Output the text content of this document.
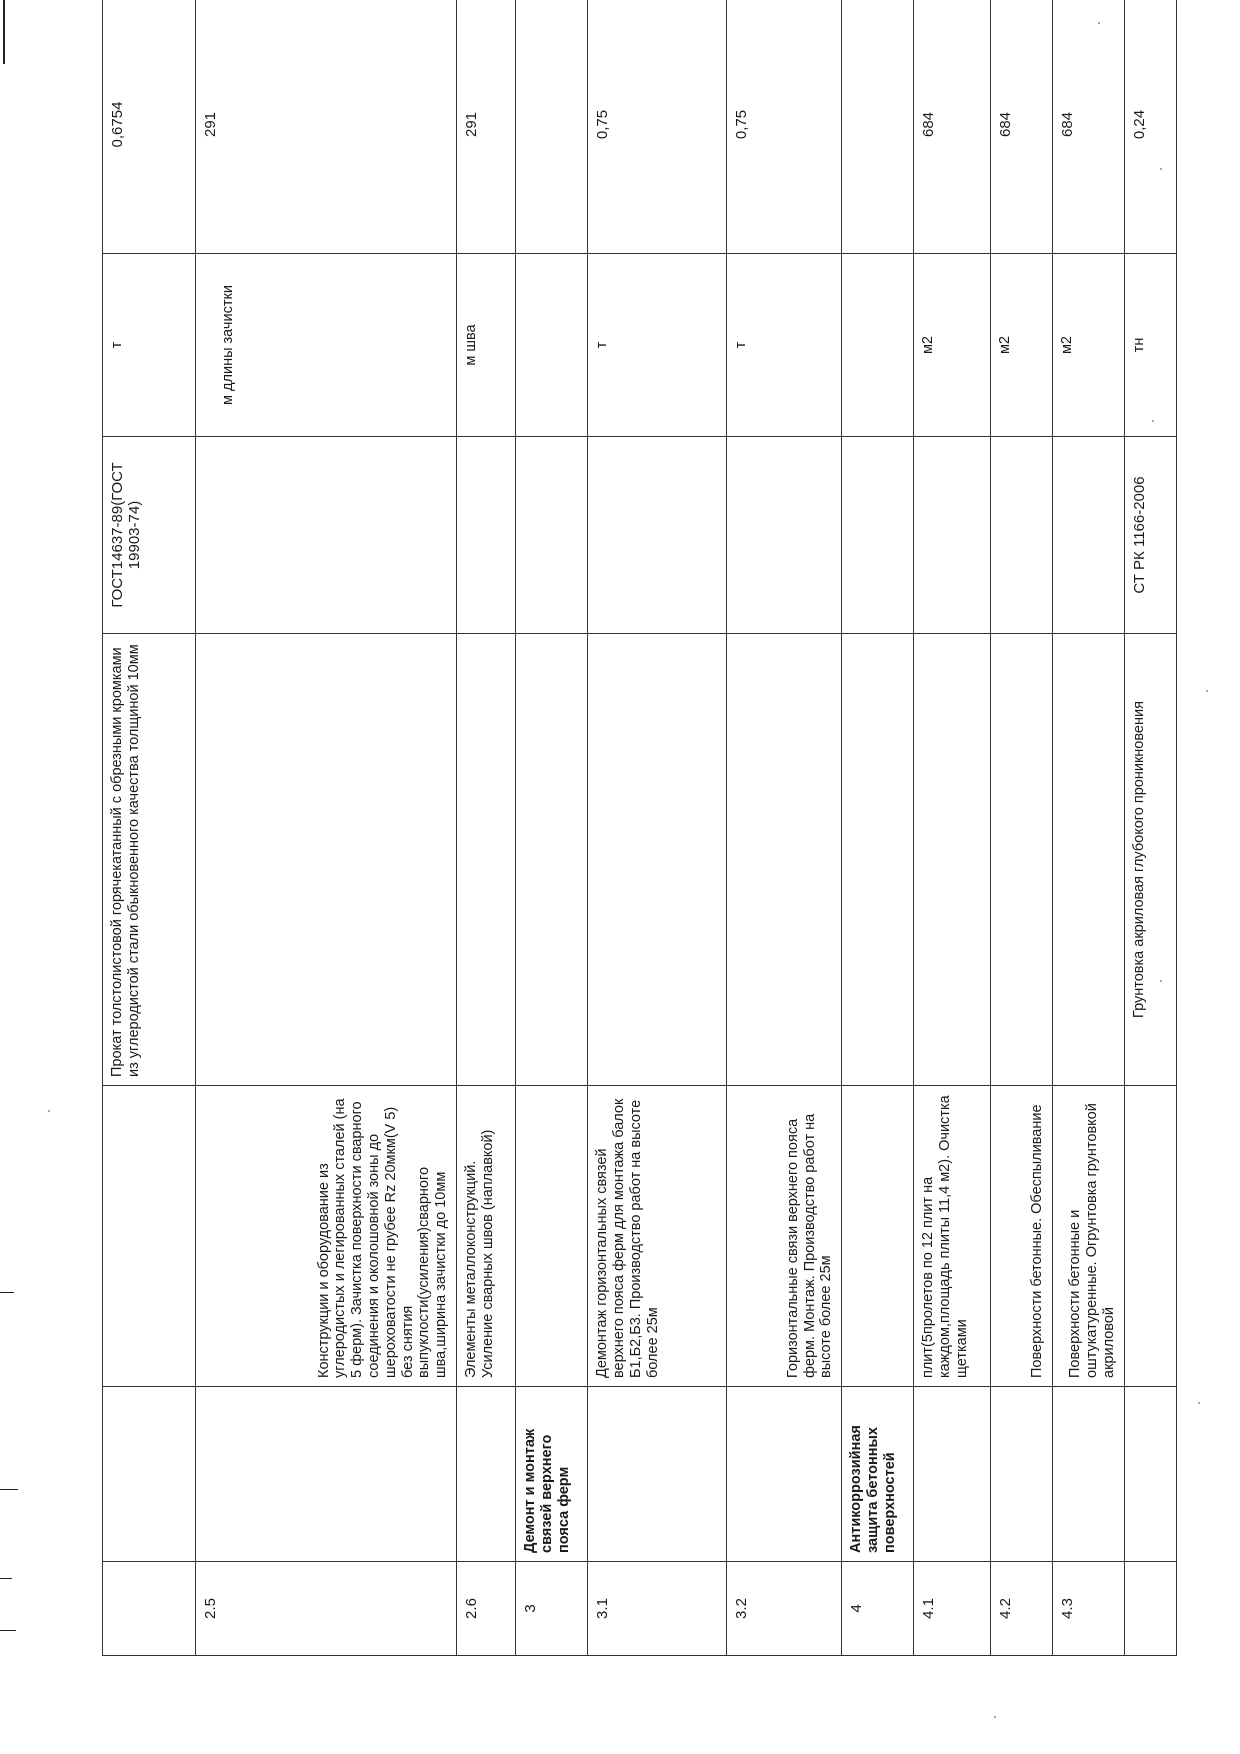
			Прокат толстолистовой горячекатанный с обрезными кромками из углеродистой стали обыкновенного качества толщиной 10мм	ГОСТ14637-89(ГОСТ 19903-74)	т	0,6754
2.5		Конструкции и оборудование из углеродистых и легированных сталей (на 5 ферм). Зачистка поверхности сварного соединения и околошовной зоны до шероховатости не грубее Rz 20мкм(V 5) без снятия выпуклости(усиления)сварного шва,ширина зачистки до 10мм			м длины зачистки	291
2.6		Элементы металлоконструкций. Усиление сварных швов (наплавкой)			м шва	291
3	Демонт и монтаж связей верхнего пояса ферм					
3.1		Демонтаж горизонтальных связей верхнего пояса ферм для монтажа балок Б1,Б2,Б3. Производство работ на высоте более 25м			т	0,75
3.2		Горизонтальные связи верхнего пояса ферм. Монтаж. Производство работ на высоте более 25м			т	0,75
4	Антикоррозийная защита бетонных поверхностей					
4.1		плит(5пролетов по 12 плит на каждом,площадь плиты 11,4 м2). Очистка щетками			м2	684
4.2		Поверхности бетонные. Обеспыливание			м2	684
4.3		Поверхности бетонные и оштукатуренные. Огрунтовка грунтовкой акриловой			м2	684
			Грунтовка акриловая глубокого проникновения	СТ РК 1166-2006	тн	0,24
